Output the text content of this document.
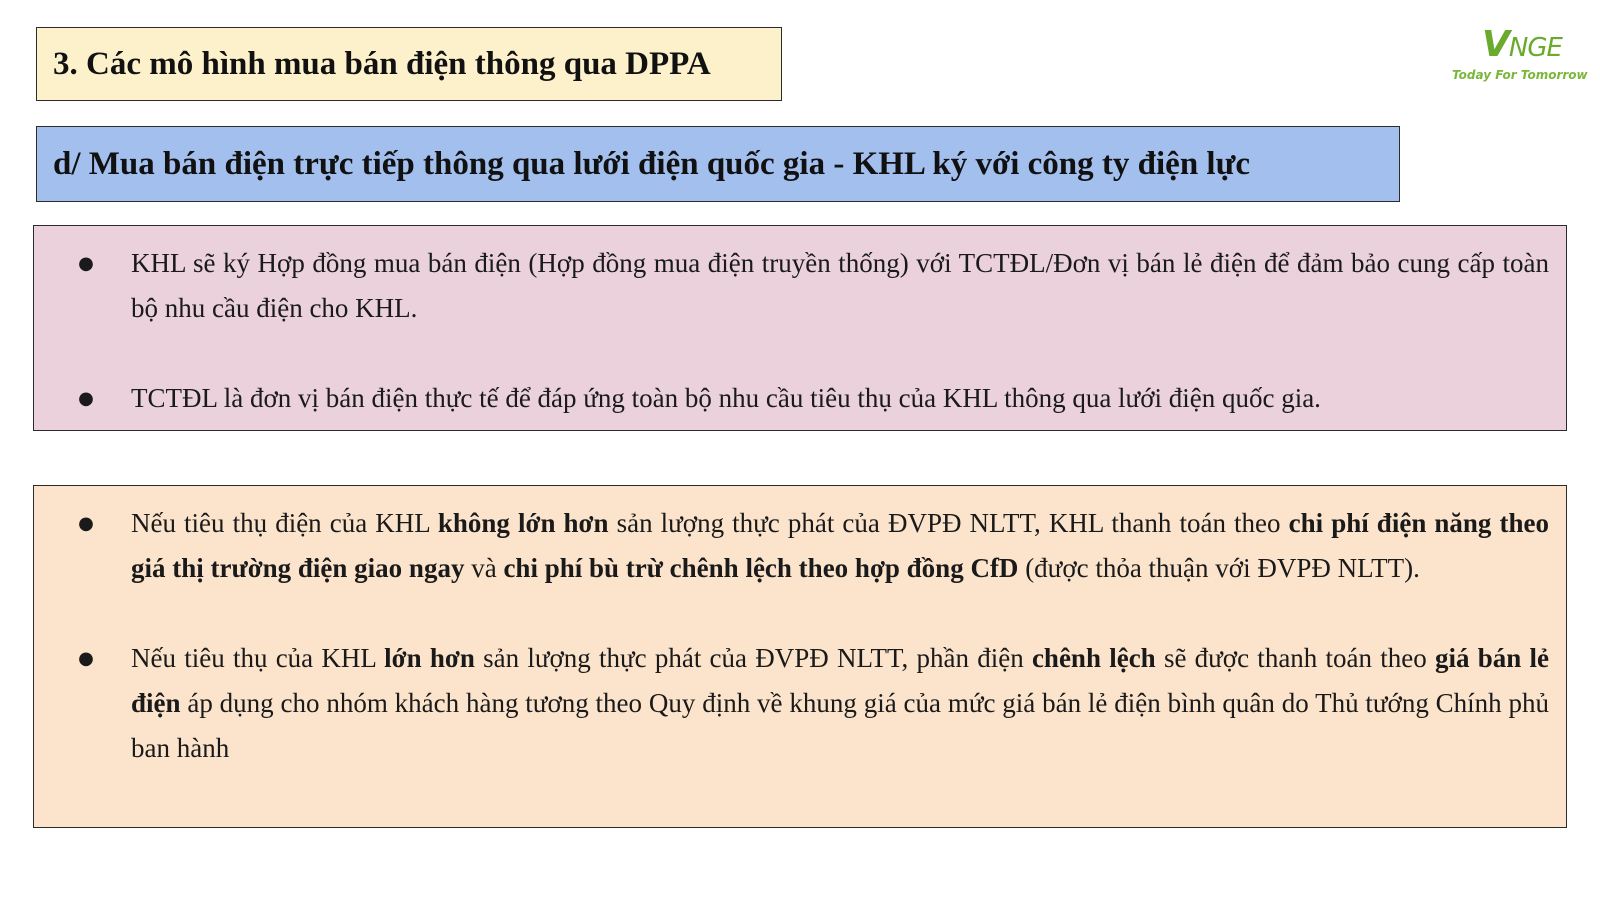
3. Các mô hình mua bán điện thông qua DPPA	VNGE
Today For Tomorrow
d/ Mua bán điện trực tiếp thông qua lưới điện quốc gia - KHL ký với công ty điện lực
● KHL sẽ ký Hợp đồng mua bán điện (Hợp đồng mua điện truyền thống) với TCTĐL/Đơn vị bán lẻ điện để đảm bảo cung cấp toàn bộ nhu cầu điện cho KHL.
● TCTĐL là đơn vị bán điện thực tế để đáp ứng toàn bộ nhu cầu tiêu thụ của KHL thông qua lưới điện quốc gia.
● Nếu tiêu thụ điện của KHL không lớn hơn sản lượng thực phát của ĐVPĐ NLTT, KHL thanh toán theo chi phí điện năng theo giá thị trường điện giao ngay và chi phí bù trừ chênh lệch theo hợp đồng CfD (được thỏa thuận với ĐVPĐ NLTT).
● Nếu tiêu thụ của KHL lớn hơn sản lượng thực phát của ĐVPĐ NLTT, phần điện chênh lệch sẽ được thanh toán theo giá bán lẻ điện áp dụng cho nhóm khách hàng tương theo Quy định về khung giá của mức giá bán lẻ điện bình quân do Thủ tướng Chính phủ ban hành
